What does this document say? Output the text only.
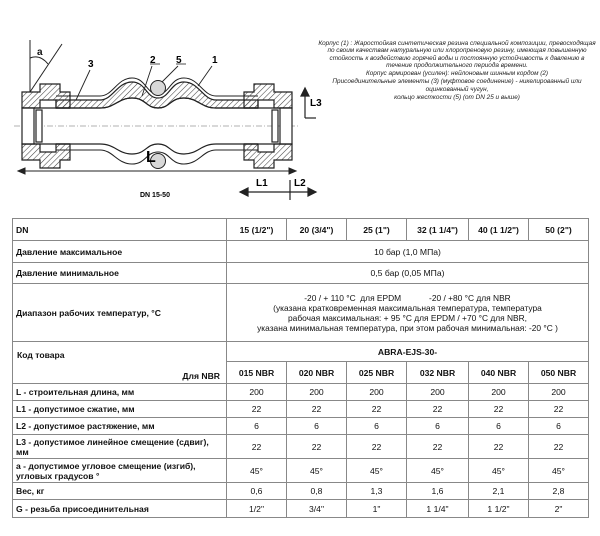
a
3	2 5	1
L
L3
L1	L2
DN 15-50

Корпус (1) : Жаростойкая синтетическая резина специальной композиции, превосходящая по своим качествам натуральную или хлоропреновую резину, имеющая повышенную стойкость к воздействию горячей воды и постоянную устойчивость к давлению в течение продолжительного периода времени.

Корпус армирован (усилен): нейлоновым шинным кордом (2)

Присоединительные элементы (3) (муфтовое соединение) - никелированный или оцинкованный чугун,

кольцо жесткости (5) (от DN 25 и выше)

DN	15 (1/2")	20 (3/4")	25 (1")	32 (1 1/4")	40 (1 1/2")	50 (2")
Давление максимальное	10 бар (1,0 МПа)					
Давление минимальное	0,5 бар (0,05 МПа)					
Диапазон рабочих температур, °С	-20 / + 110 °С  для EPDM            -20 / +80 °С для NBR
(указана кратковременная максимальная температура, температура
рабочая максимальная: + 95 °С для EPDM / +70 °С для NBR,
указана минимальная температура, при этом рабочая минимальная: -20 °С )					

Код товара
Для NBR	ABRA-EJS-30-					
	015 NBR	020 NBR	025 NBR	032 NBR	040 NBR	050 NBR
L - строительная длина, мм	200	200	200	200	200	200
L1 - допустимое сжатие, мм	22	22	22	22	22	22
L2 - допустимое растяжение, мм	6	6	6	6	6	6
L3 - допустимое линейное смещение (сдвиг), мм	22	22	22	22	22	22
a - допустимое угловое смещение (изгиб), угловых градусов °	45°	45°	45°	45°	45°	45°
Вес, кг	0,6	0,8	1,3	1,6	2,1	2,8
G - резьба присоединительная	1/2"	3/4"	1"	1 1/4"	1 1/2"	2"
